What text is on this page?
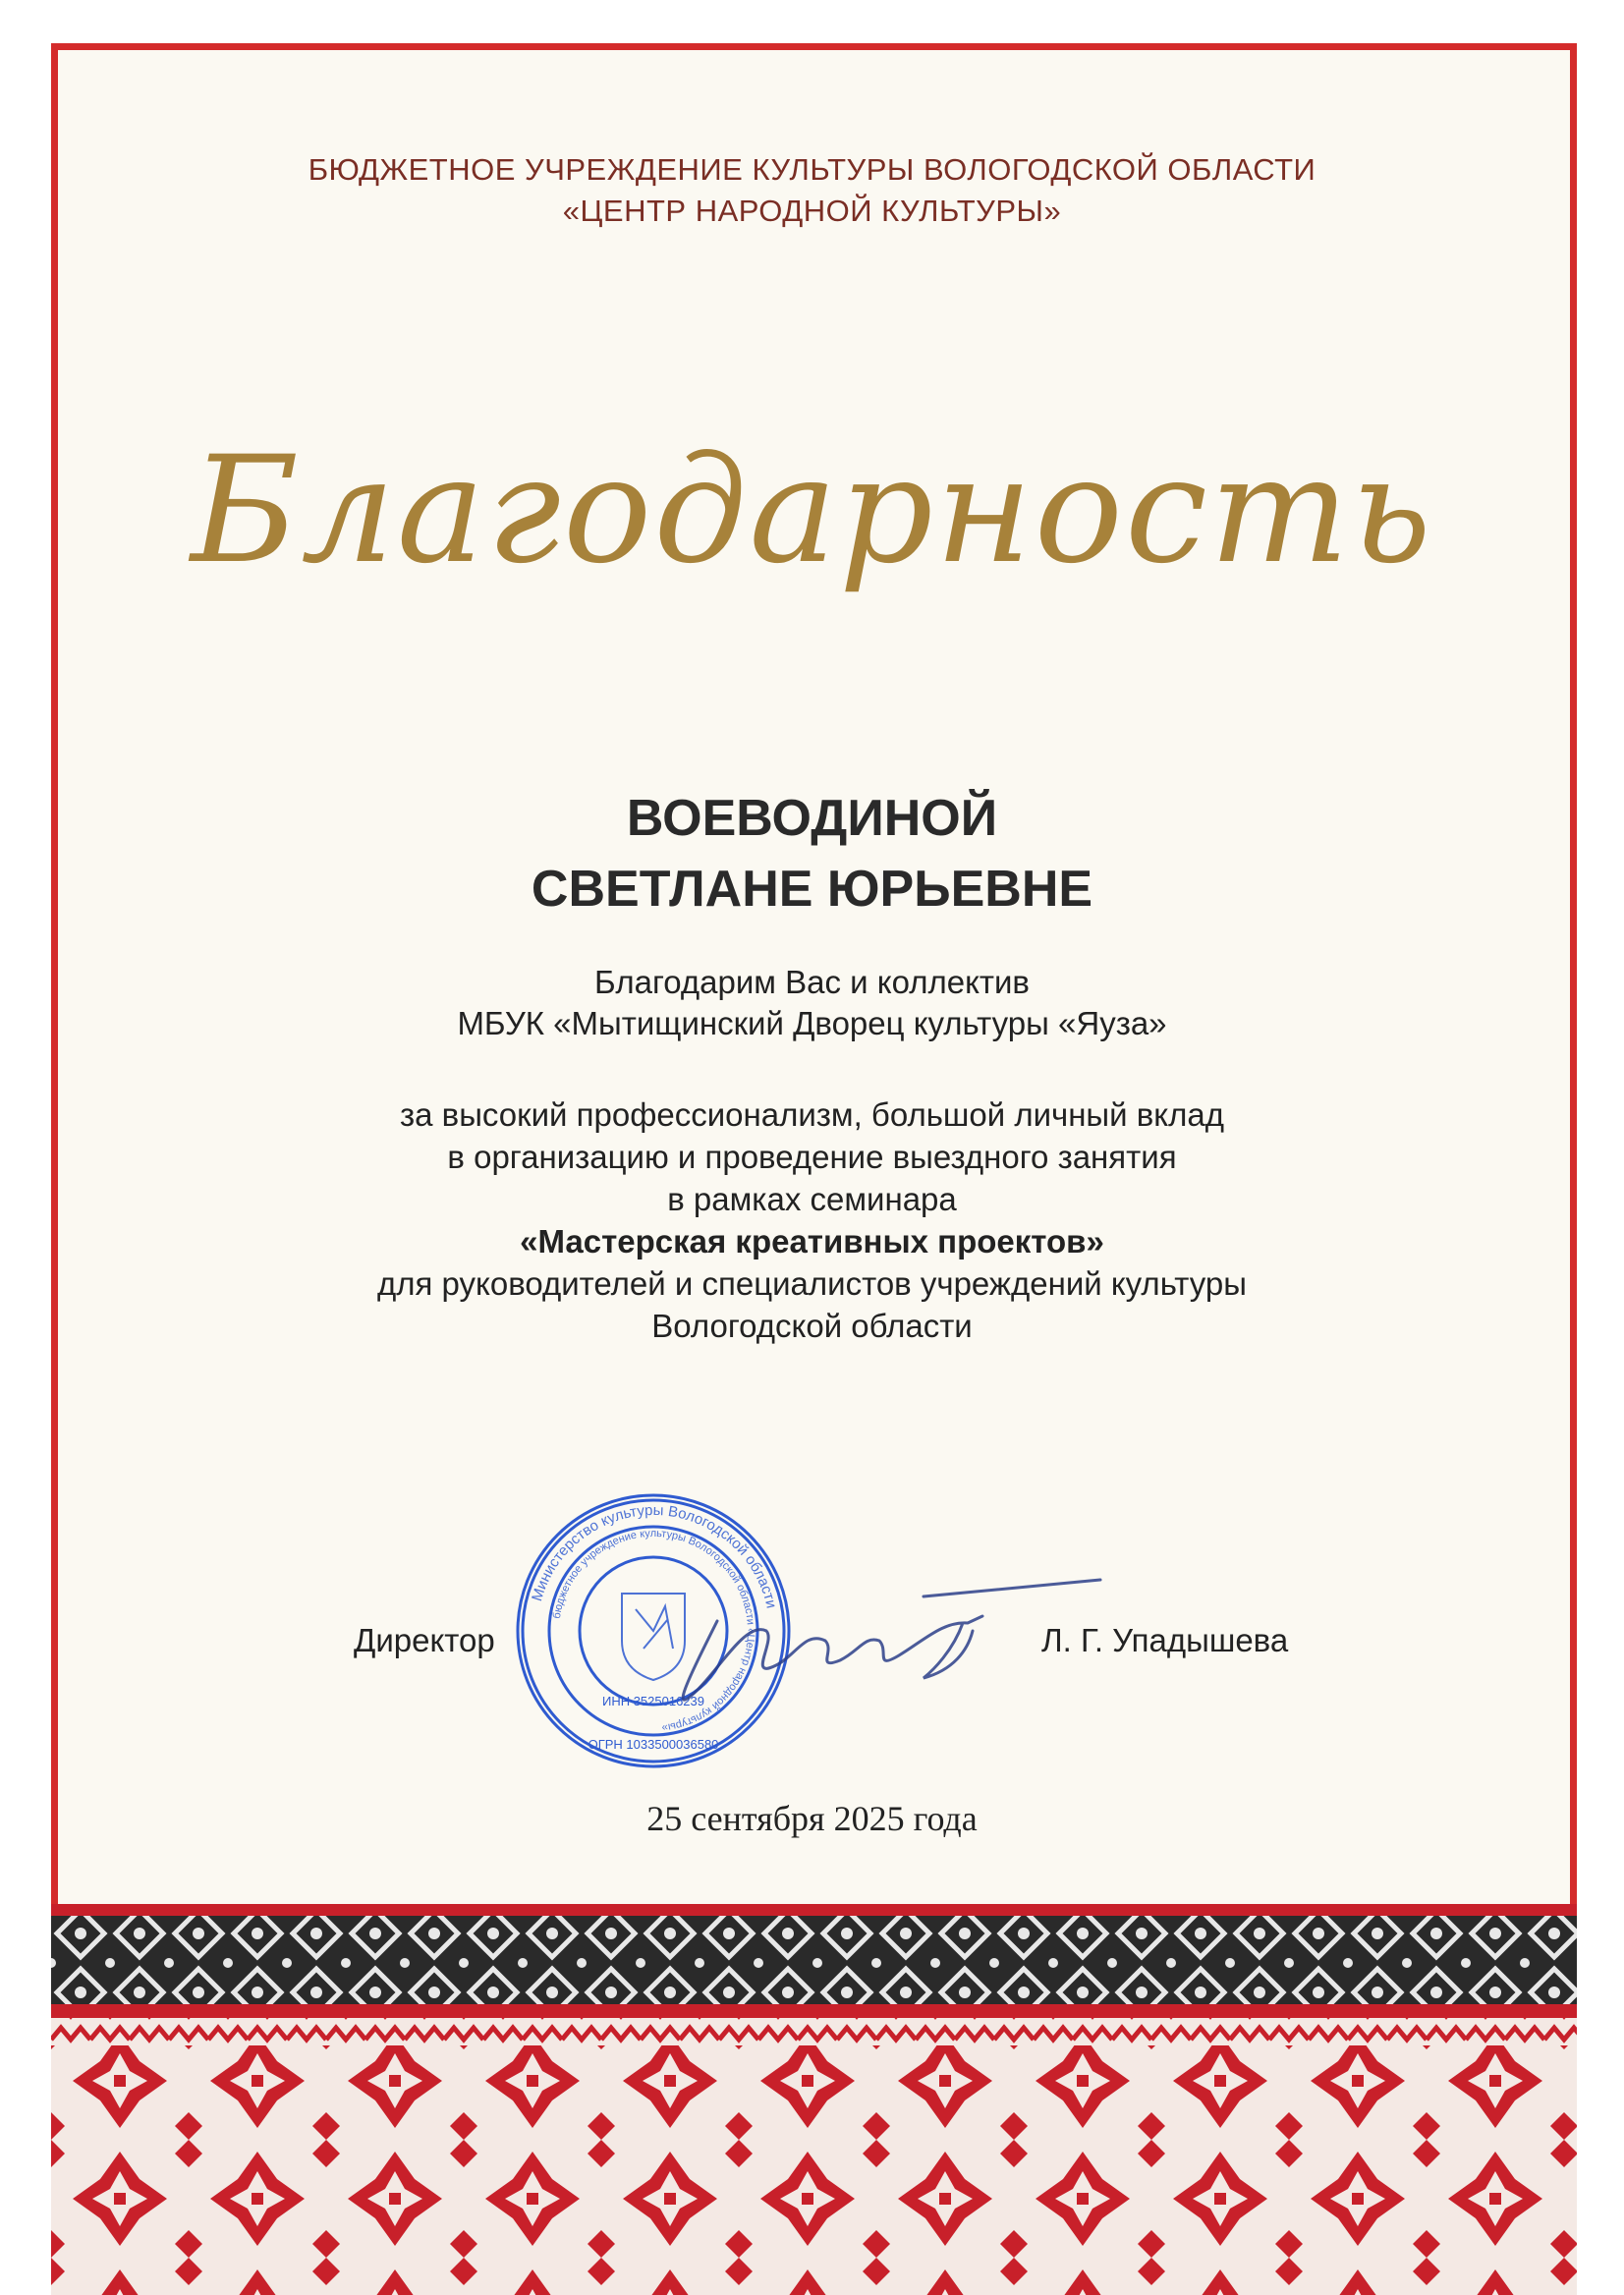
БЮДЖЕТНОЕ УЧРЕЖДЕНИЕ КУЛЬТУРЫ ВОЛОГОДСКОЙ ОБЛАСТИ
«ЦЕНТР НАРОДНОЙ КУЛЬТУРЫ»
Благодарность
ВОЕВОДИНОЙ
СВЕТЛАНЕ ЮРЬЕВНЕ
Благодарим Вас и коллектив
МБУК «Мытищинский Дворец культуры «Яуза»
за высокий профессионализм, большой личный вклад
в организацию и проведение выездного занятия
в рамках семинара
«Мастерская креативных проектов»
для руководителей и специалистов учреждений культуры
Вологодской области
Министерство культуры Вологодской области
бюджетное учреждение культуры Вологодской области «Центр народной культуры»
ИНН 3525016239
ОГРН 1033500036580
Директор	Л. Г. Упадышева
25 сентября 2025 года
